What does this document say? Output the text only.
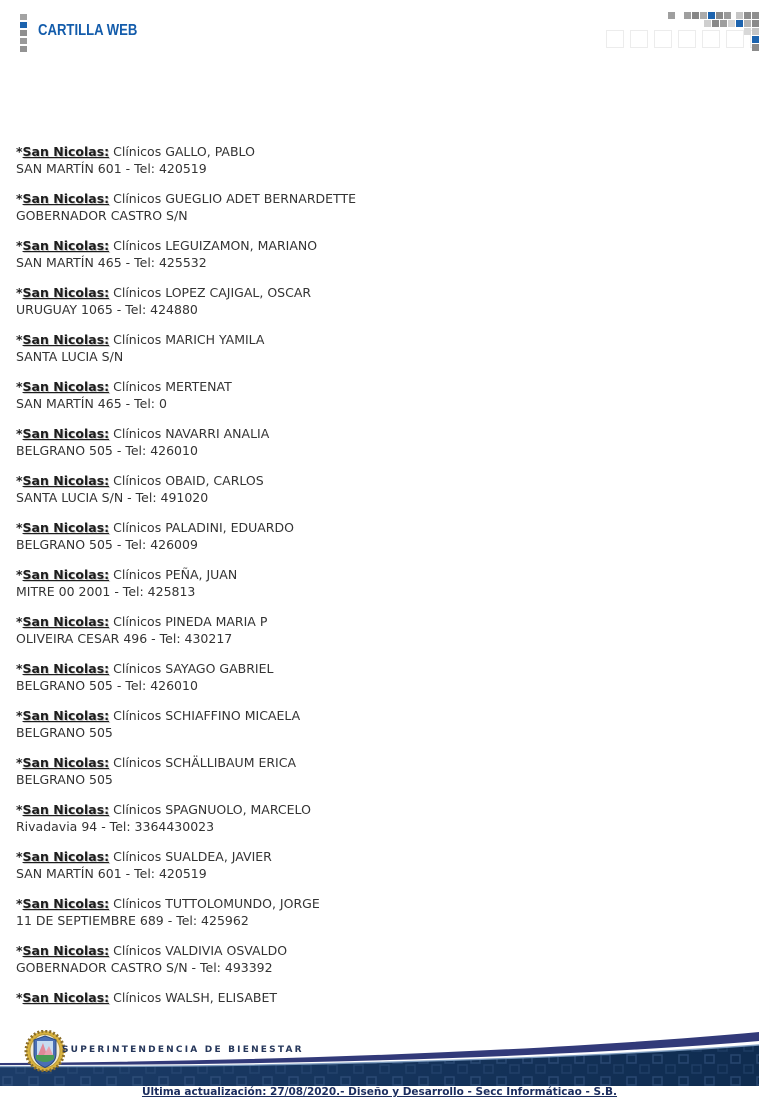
CARTILLA WEB

*San Nicolas: Clínicos GALLO, PABLO
SAN MARTÍN 601 - Tel: 420519

*San Nicolas: Clínicos GUEGLIO ADET BERNARDETTE
GOBERNADOR CASTRO S/N

*San Nicolas: Clínicos LEGUIZAMON, MARIANO
SAN MARTÍN 465 - Tel: 425532

*San Nicolas: Clínicos LOPEZ CAJIGAL, OSCAR
URUGUAY 1065 - Tel: 424880

*San Nicolas: Clínicos MARICH YAMILA
SANTA LUCIA S/N

*San Nicolas: Clínicos MERTENAT
SAN MARTÍN 465 - Tel: 0

*San Nicolas: Clínicos NAVARRI ANALIA
BELGRANO 505 - Tel: 426010

*San Nicolas: Clínicos OBAID, CARLOS
SANTA LUCIA S/N - Tel: 491020

*San Nicolas: Clínicos PALADINI, EDUARDO
BELGRANO 505 - Tel: 426009

*San Nicolas: Clínicos PEÑA, JUAN
MITRE 00 2001 - Tel: 425813

*San Nicolas: Clínicos PINEDA MARIA P
OLIVEIRA CESAR 496 - Tel: 430217

*San Nicolas: Clínicos SAYAGO GABRIEL
BELGRANO 505 - Tel: 426010

*San Nicolas: Clínicos SCHIAFFINO MICAELA
BELGRANO 505

*San Nicolas: Clínicos SCHÄLLIBAUM ERICA
BELGRANO 505

*San Nicolas: Clínicos SPAGNUOLO, MARCELO
Rivadavia 94 - Tel: 3364430023

*San Nicolas: Clínicos SUALDEA, JAVIER
SAN MARTÍN 601 - Tel: 420519

*San Nicolas: Clínicos TUTTOLOMUNDO, JORGE
11 DE SEPTIEMBRE 689 - Tel: 425962

*San Nicolas: Clínicos VALDIVIA OSVALDO
GOBERNADOR CASTRO S/N - Tel: 493392

*San Nicolas: Clínicos WALSH, ELISABET

SUPERINTENDENCIA DE BIENESTAR
Última actualización: 27/08/2020.- Diseño y Desarrollo - Secc Informáticao - S.B.
